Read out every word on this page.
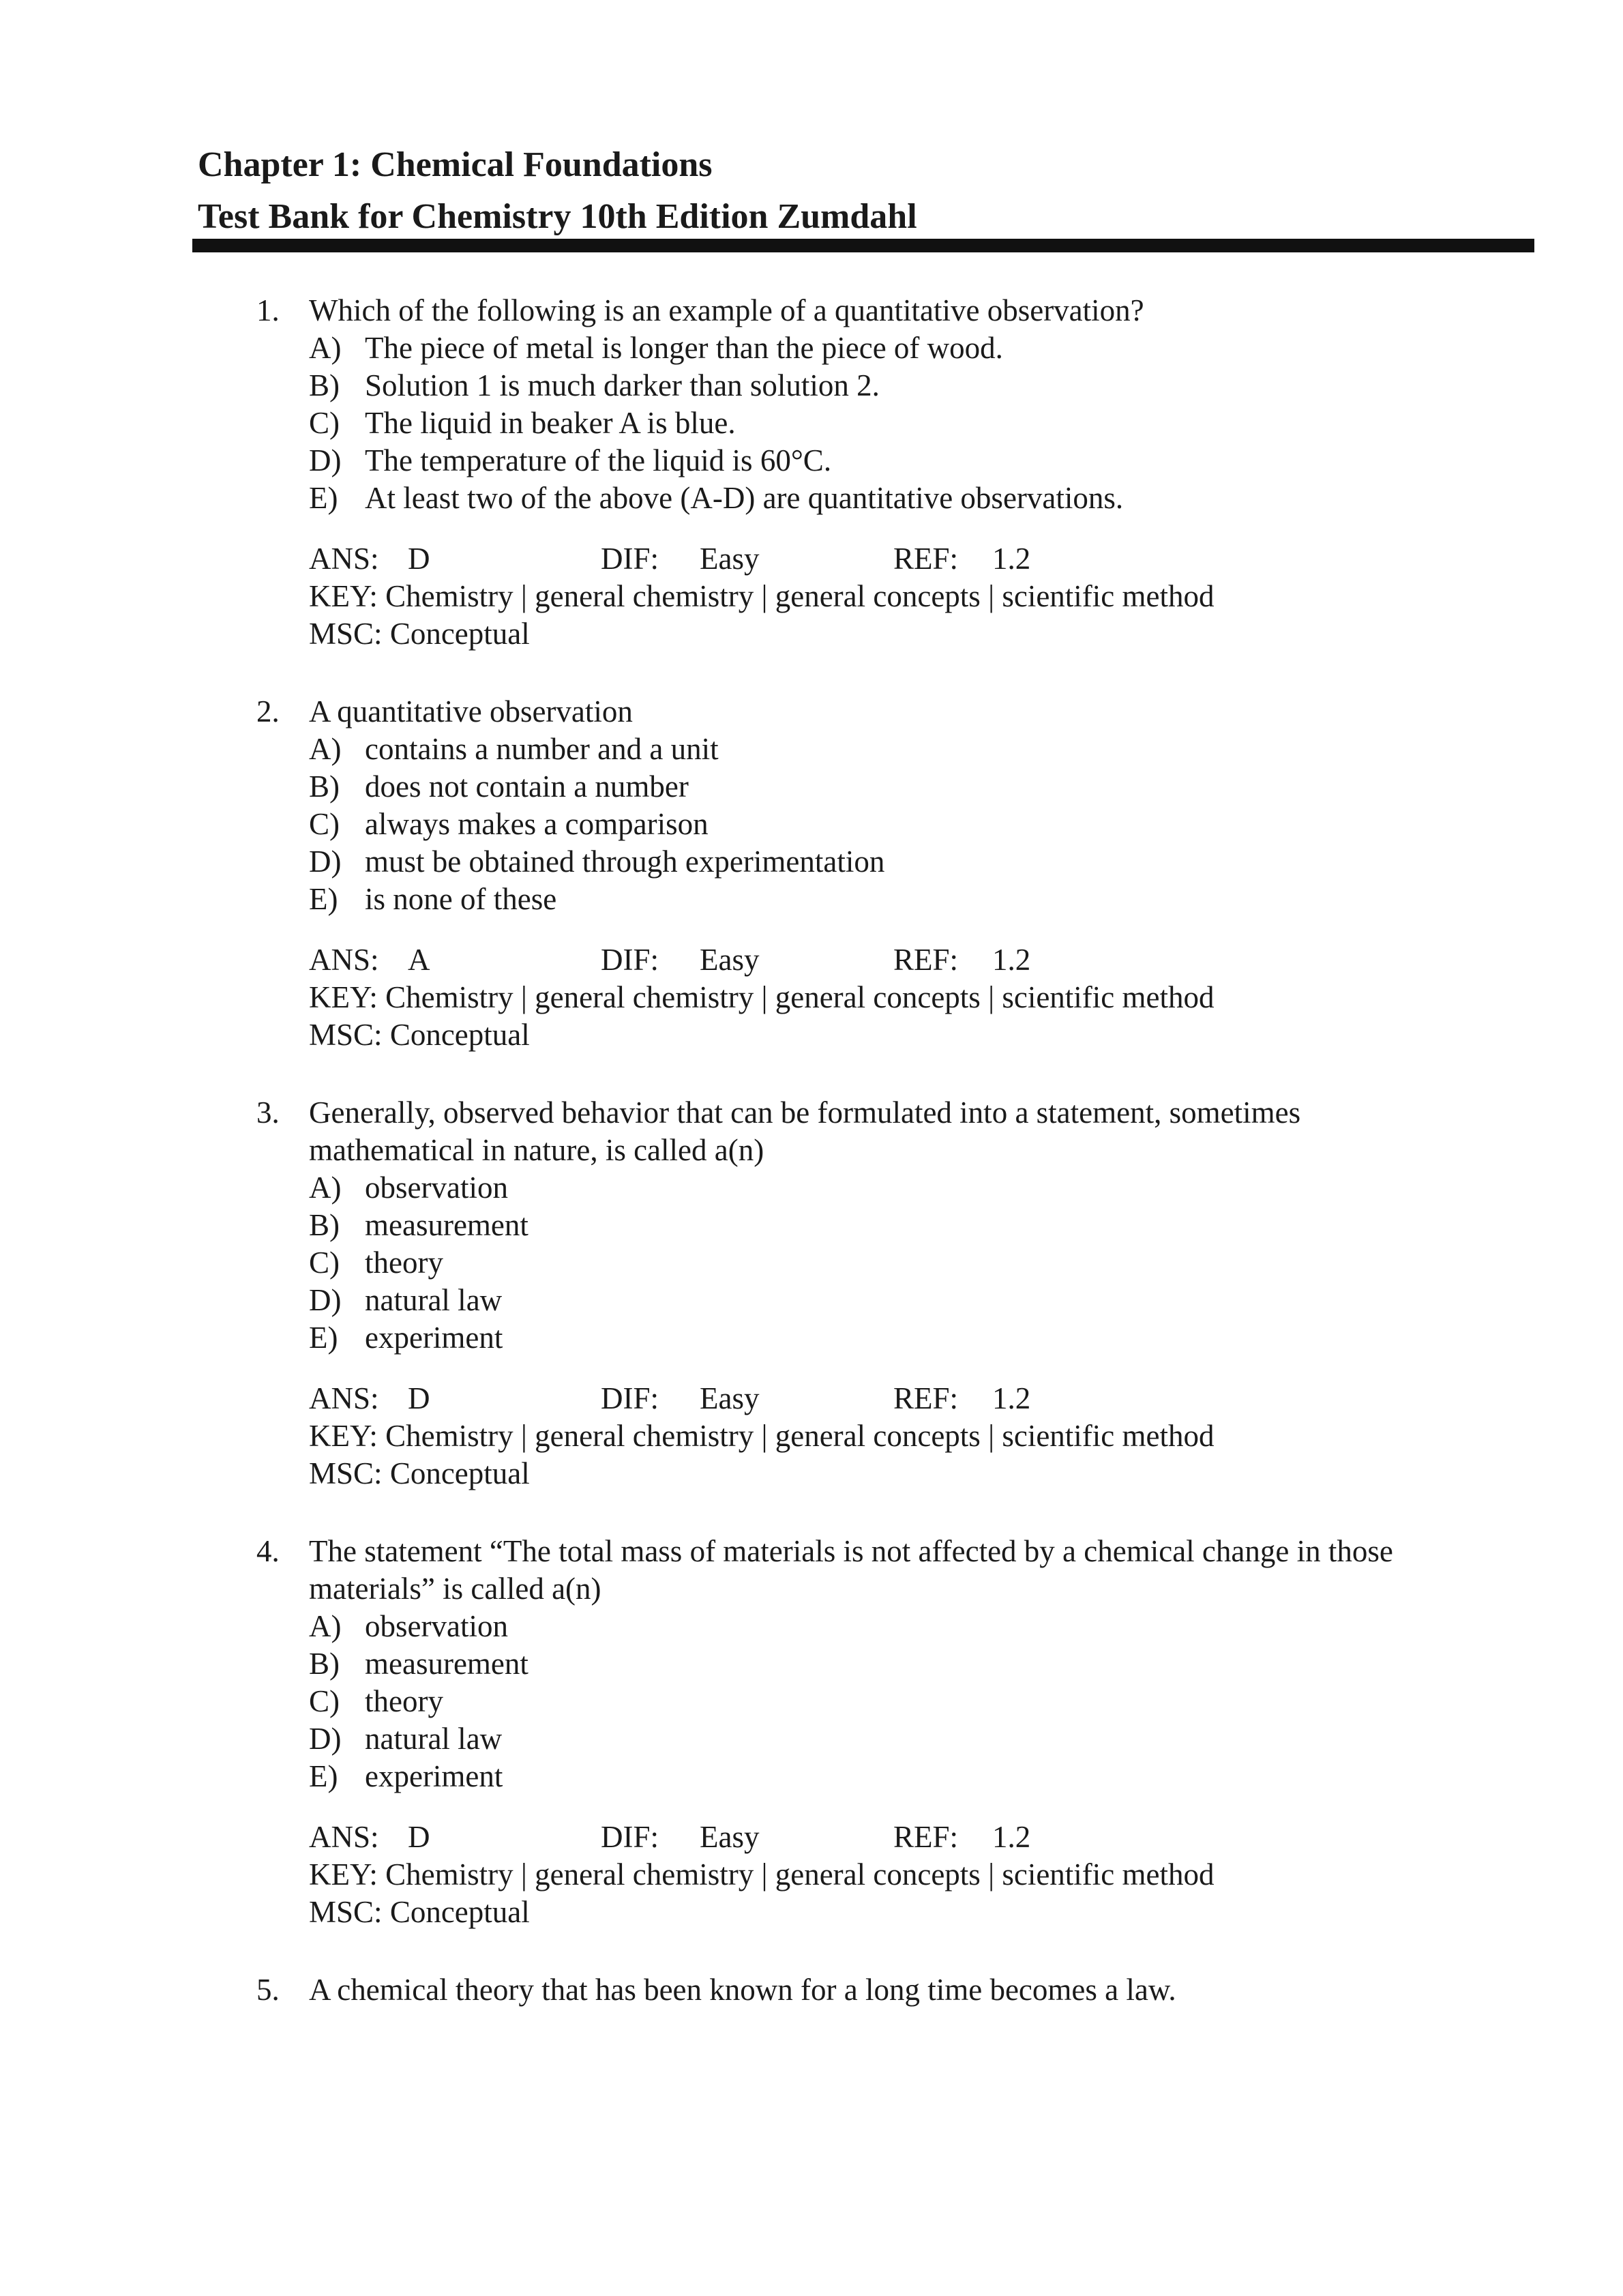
Chapter 1: Chemical Foundations
Test Bank for Chemistry 10th Edition Zumdahl
1. Which of the following is an example of a quantitative observation?
A) The piece of metal is longer than the piece of wood.
B) Solution 1 is much darker than solution 2.
C) The liquid in beaker A is blue.
D) The temperature of the liquid is 60°C.
E) At least two of the above (A-D) are quantitative observations.
ANS: D	DIF: Easy	REF: 1.2
KEY: Chemistry | general chemistry | general concepts | scientific method
MSC: Conceptual
2. A quantitative observation
A) contains a number and a unit
B) does not contain a number
C) always makes a comparison
D) must be obtained through experimentation
E) is none of these
ANS: A	DIF: Easy	REF: 1.2
KEY: Chemistry | general chemistry | general concepts | scientific method
MSC: Conceptual
3. Generally, observed behavior that can be formulated into a statement, sometimes
mathematical in nature, is called a(n)
A) observation
B) measurement
C) theory
D) natural law
E) experiment
ANS: D	DIF: Easy	REF: 1.2
KEY: Chemistry | general chemistry | general concepts | scientific method
MSC: Conceptual
4. The statement “The total mass of materials is not affected by a chemical change in those
materials” is called a(n)
A) observation
B) measurement
C) theory
D) natural law
E) experiment
ANS: D	DIF: Easy	REF: 1.2
KEY: Chemistry | general chemistry | general concepts | scientific method
MSC: Conceptual
5. A chemical theory that has been known for a long time becomes a law.
